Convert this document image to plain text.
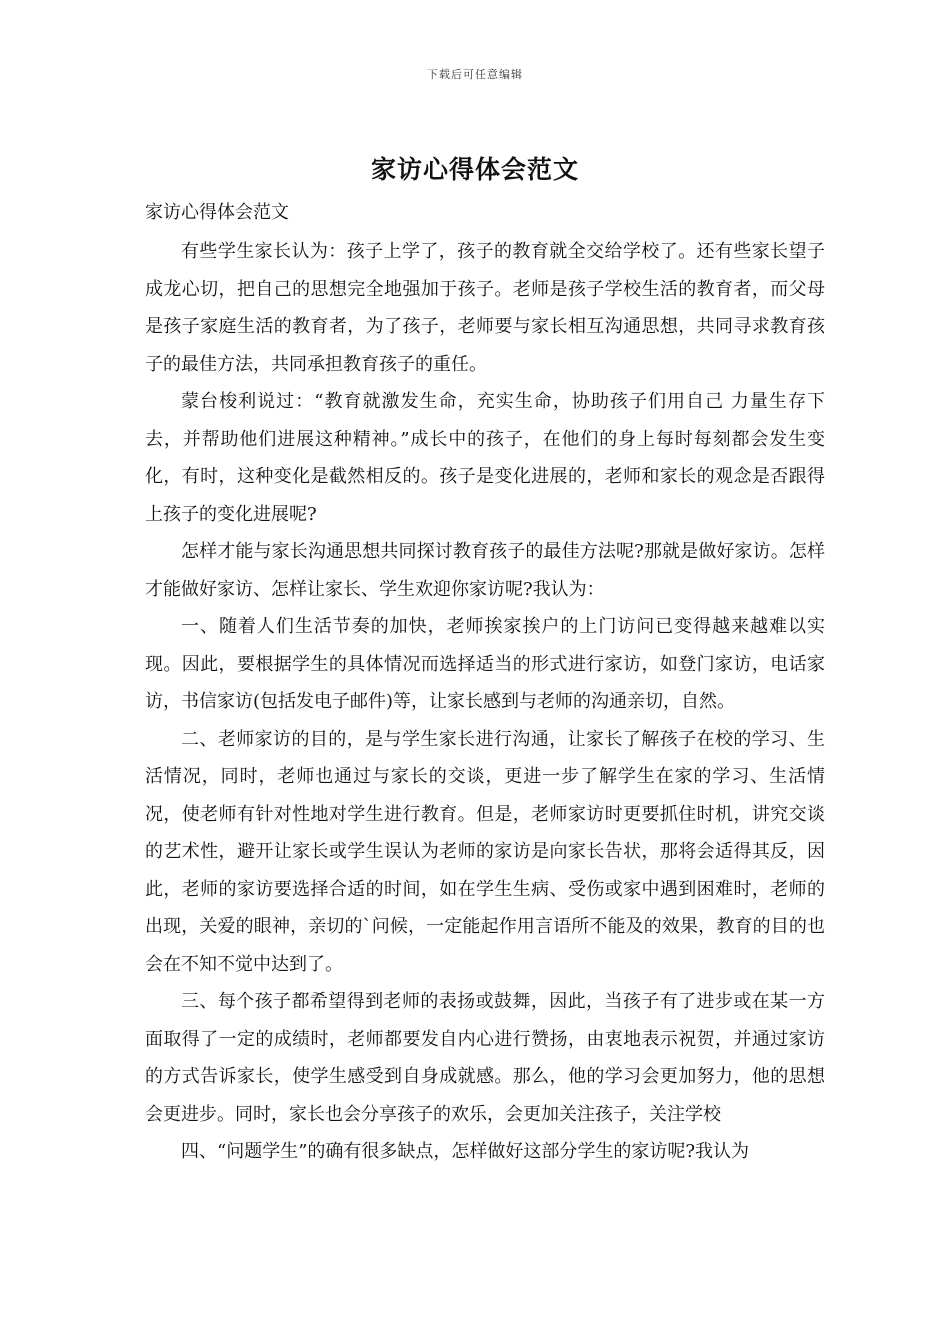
下载后可任意编辑
家访心得体会范文

家访心得体会范文

有些学生家长认为：孩子上学了，孩子的教育就全交给学校了。还有些家长望子成龙心切，把自己的思想完全地强加于孩子。老师是孩子学校生活的教育者，而父母是孩子家庭生活的教育者，为了孩子，老师要与家长相互沟通思想，共同寻求教育孩子的最佳方法，共同承担教育孩子的重任。

蒙台梭利说过：“教育就激发生命，充实生命，协助孩子们用自己 力量生存下去，并帮助他们进展这种精神。”成长中的孩子，在他们的身上每时每刻都会发生变化，有时，这种变化是截然相反的。孩子是变化进展的，老师和家长的观念是否跟得上孩子的变化进展呢?

怎样才能与家长沟通思想共同探讨教育孩子的最佳方法呢?那就是做好家访。怎样才能做好家访、怎样让家长、学生欢迎你家访呢?我认为：

一、随着人们生活节奏的加快，老师挨家挨户的上门访问已变得越来越难以实现。因此，要根据学生的具体情况而选择适当的形式进行家访，如登门家访，电话家访，书信家访(包括发电子邮件)等，让家长感到与老师的沟通亲切，自然。

二、老师家访的目的，是与学生家长进行沟通，让家长了解孩子在校的学习、生活情况，同时，老师也通过与家长的交谈，更进一步了解学生在家的学习、生活情况，使老师有针对性地对学生进行教育。但是，老师家访时更要抓住时机，讲究交谈的艺术性，避开让家长或学生误认为老师的家访是向家长告状，那将会适得其反，因此，老师的家访要选择合适的时间，如在学生生病、受伤或家中遇到困难时，老师的出现，关爱的眼神，亲切的`问候，一定能起作用言语所不能及的效果，教育的目的也会在不知不觉中达到了。

三、每个孩子都希望得到老师的表扬或鼓舞，因此，当孩子有了进步或在某一方面取得了一定的成绩时，老师都要发自内心进行赞扬，由衷地表示祝贺，并通过家访的方式告诉家长，使学生感受到自身成就感。那么，他的学习会更加努力，他的思想会更进步。同时，家长也会分享孩子的欢乐，会更加关注孩子，关注学校

四、“问题学生”的确有很多缺点，怎样做好这部分学生的家访呢?我认为
